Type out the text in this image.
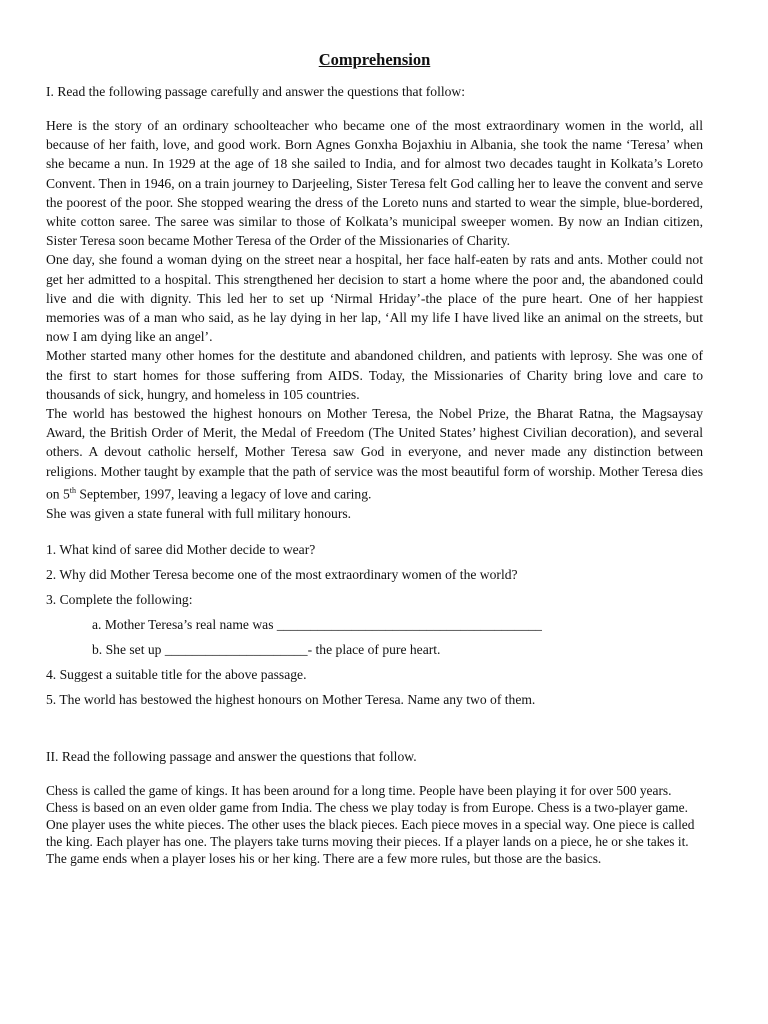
Comprehension

I. Read the following passage carefully and answer the questions that follow:

Here is the story of an ordinary schoolteacher who became one of the most extraordinary women in the world, all because of her faith, love, and good work. Born Agnes Gonxha Bojaxhiu in Albania, she took the name ‘Teresa’ when she became a nun. In 1929 at the age of 18 she sailed to India, and for almost two decades taught in Kolkata’s Loreto Convent. Then in 1946, on a train journey to Darjeeling, Sister Teresa felt God calling her to leave the convent and serve the poorest of the poor. She stopped wearing the dress of the Loreto nuns and started to wear the simple, blue-bordered, white cotton saree. The saree was similar to those of Kolkata’s municipal sweeper women. By now an Indian citizen, Sister Teresa soon became Mother Teresa of the Order of the Missionaries of Charity.

One day, she found a woman dying on the street near a hospital, her face half-eaten by rats and ants. Mother could not get her admitted to a hospital. This strengthened her decision to start a home where the poor and, the abandoned could live and die with dignity. This led her to set up ‘Nirmal Hriday’-the place of the pure heart. One of her happiest memories was of a man who said, as he lay dying in her lap, ‘All my life I have lived like an animal on the streets, but now I am dying like an angel’.

Mother started many other homes for the destitute and abandoned children, and patients with leprosy. She was one of the first to start homes for those suffering from AIDS. Today, the Missionaries of Charity bring love and care to thousands of sick, hungry, and homeless in 105 countries.

The world has bestowed the highest honours on Mother Teresa, the Nobel Prize, the Bharat Ratna, the Magsaysay Award, the British Order of Merit, the Medal of Freedom (The United States’ highest Civilian decoration), and several others. A devout catholic herself, Mother Teresa saw God in everyone, and never made any distinction between religions. Mother taught by example that the path of service was the most beautiful form of worship. Mother Teresa dies on 5th September, 1997, leaving a legacy of love and caring.

She was given a state funeral with full military honours.

1. What kind of saree did Mother decide to wear?

2. Why did Mother Teresa become one of the most extraordinary women of the world?

3. Complete the following:

a. Mother Teresa’s real name was _______________________________________

b. She set up _____________________- the place of pure heart.

4. Suggest a suitable title for the above passage.

5. The world has bestowed the highest honours on Mother Teresa. Name any two of them.

II. Read the following passage and answer the questions that follow.

Chess is called the game of kings. It has been around for a long time. People have been playing it for over 500 years. Chess is based on an even older game from India. The chess we play today is from Europe. Chess is a two-player game. One player uses the white pieces. The other uses the black pieces. Each piece moves in a special way. One piece is called the king. Each player has one. The players take turns moving their pieces. If a player lands on a piece, he or she takes it. The game ends when a player loses his or her king. There are a few more rules, but those are the basics.
